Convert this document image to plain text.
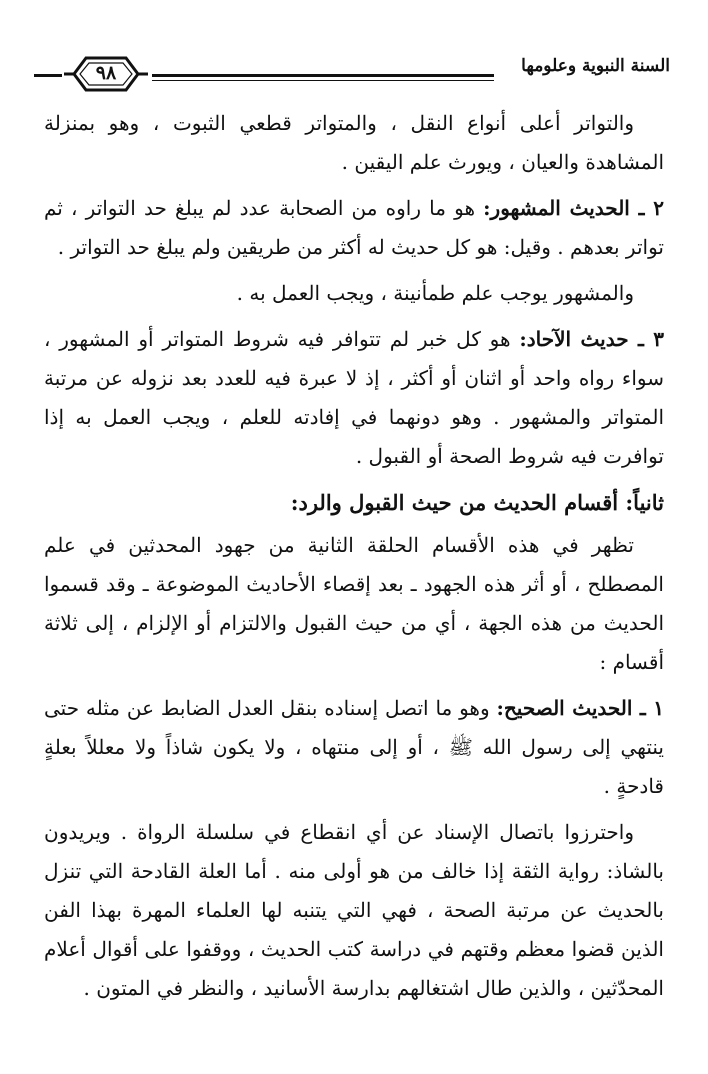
السنة النبوية وعلومها
٩٨

والتواتر أعلى أنواع النقل ، والمتواتر قطعي الثبوت ، وهو بمنزلة المشاهدة والعيان ، ويورث علم اليقين .

٢ ـ الحديث المشهور: هو ما راوه من الصحابة عدد لم يبلغ حد التواتر ، ثم تواتر بعدهم . وقيل: هو كل حديث له أكثر من طريقين ولم يبلغ حد التواتر .

والمشهور يوجب علم طمأنينة ، ويجب العمل به .

٣ ـ حديث الآحاد: هو كل خبر لم تتوافر فيه شروط المتواتر أو المشهور ، سواء رواه واحد أو اثنان أو أكثر ، إذ لا عبرة فيه للعدد بعد نزوله عن مرتبة المتواتر والمشهور . وهو دونهما في إفادته للعلم ، ويجب العمل به إذا توافرت فيه شروط الصحة أو القبول .

ثانياً: أقسام الحديث من حيث القبول والرد:

تظهر في هذه الأقسام الحلقة الثانية من جهود المحدثين في علم المصطلح ، أو أثر هذه الجهود ـ بعد إقصاء الأحاديث الموضوعة ـ وقد قسموا الحديث من هذه الجهة ، أي من حيث القبول والالتزام أو الإلزام ، إلى ثلاثة أقسام :

١ ـ الحديث الصحيح: وهو ما اتصل إسناده بنقل العدل الضابط عن مثله حتى ينتهي إلى رسول الله ﷺ ، أو إلى منتهاه ، ولا يكون شاذاً ولا معللاً بعلةٍ قادحةٍ .

واحترزوا باتصال الإسناد عن أي انقطاع في سلسلة الرواة . ويريدون بالشاذ: رواية الثقة إذا خالف من هو أولى منه . أما العلة القادحة التي تنزل بالحديث عن مرتبة الصحة ، فهي التي يتنبه لها العلماء المهرة بهذا الفن الذين قضوا معظم وقتهم في دراسة كتب الحديث ، ووقفوا على أقوال أعلام المحدّثين ، والذين طال اشتغالهم بدارسة الأسانيد ، والنظر في المتون .
